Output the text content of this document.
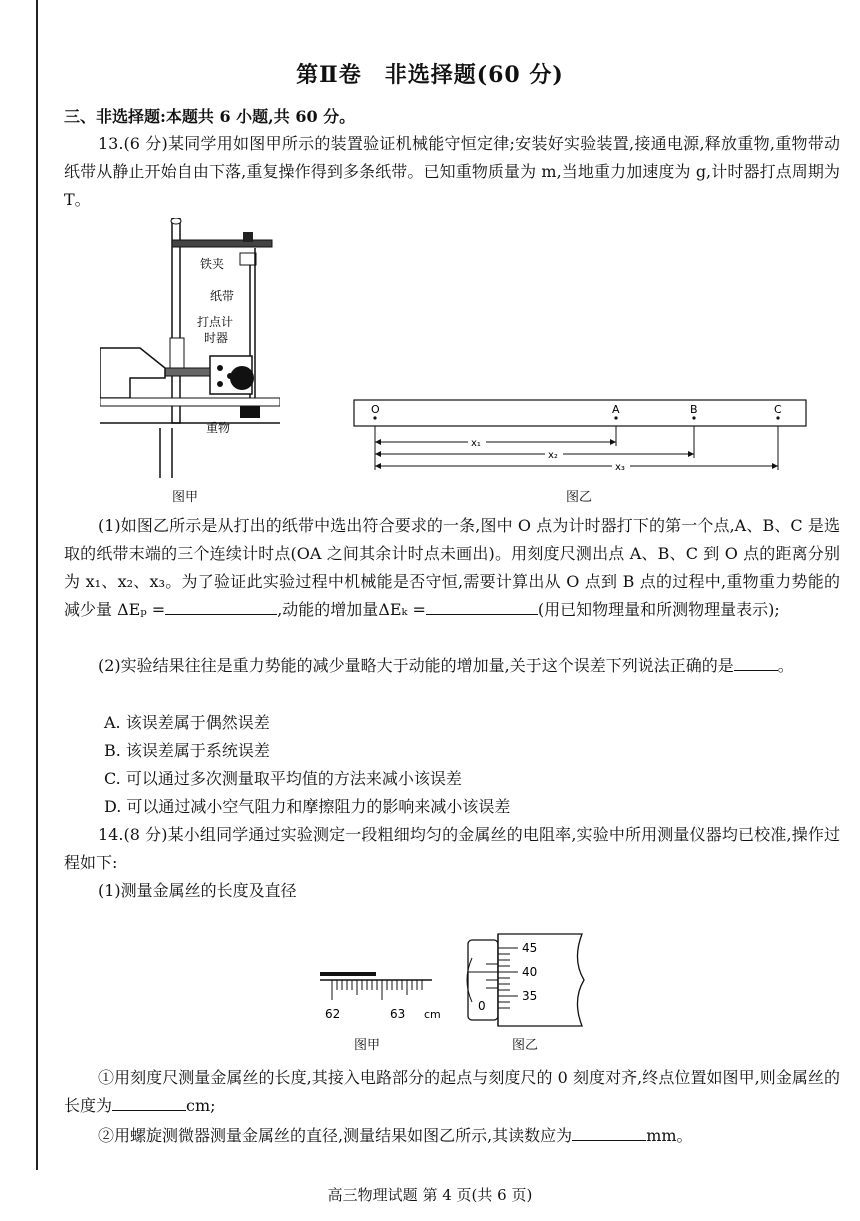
第Ⅱ卷　非选择题(60 分)
三、非选择题:本题共 6 小题,共 60 分。
13.(6 分)某同学用如图甲所示的装置验证机械能守恒定律;安装好实验装置,接通电源,释放重物,重物带动纸带从静止开始自由下落,重复操作得到多条纸带。已知重物质量为 m,当地重力加速度为 g,计时器打点周期为 T。
铁夹
纸带
打点计
时器
重物
图甲
O	A	B	C
x₁
x₂
x₃
图乙
(1)如图乙所示是从打出的纸带中选出符合要求的一条,图中 O 点为计时器打下的第一个点,A、B、C 是选取的纸带末端的三个连续计时点(OA 之间其余计时点未画出)。用刻度尺测出点 A、B、C 到 O 点的距离分别为 x₁、x₂、x₃。为了验证此实验过程中机械能是否守恒,需要计算出从 O 点到 B 点的过程中,重物重力势能的减少量 ΔEₚ =	,动能的增加量ΔEₖ =	(用已知物理量和所测物理量表示);
(2)实验结果往往是重力势能的减少量略大于动能的增加量,关于这个误差下列说法正确的是	。
A. 该误差属于偶然误差
B. 该误差属于系统误差
C. 可以通过多次测量取平均值的方法来减小该误差
D. 可以通过减小空气阻力和摩擦阻力的影响来减小该误差
14.(8 分)某小组同学通过实验测定一段粗细均匀的金属丝的电阻率,实验中所用测量仪器均已校准,操作过程如下:
(1)测量金属丝的长度及直径
62	63 cm
图甲
45
40
35
0
图乙
①用刻度尺测量金属丝的长度,其接入电路部分的起点与刻度尺的 0 刻度对齐,终点位置如图甲,则金属丝的长度为	cm;
②用螺旋测微器测量金属丝的直径,测量结果如图乙所示,其读数应为	mm。
高三物理试题 第 4 页(共 6 页)
